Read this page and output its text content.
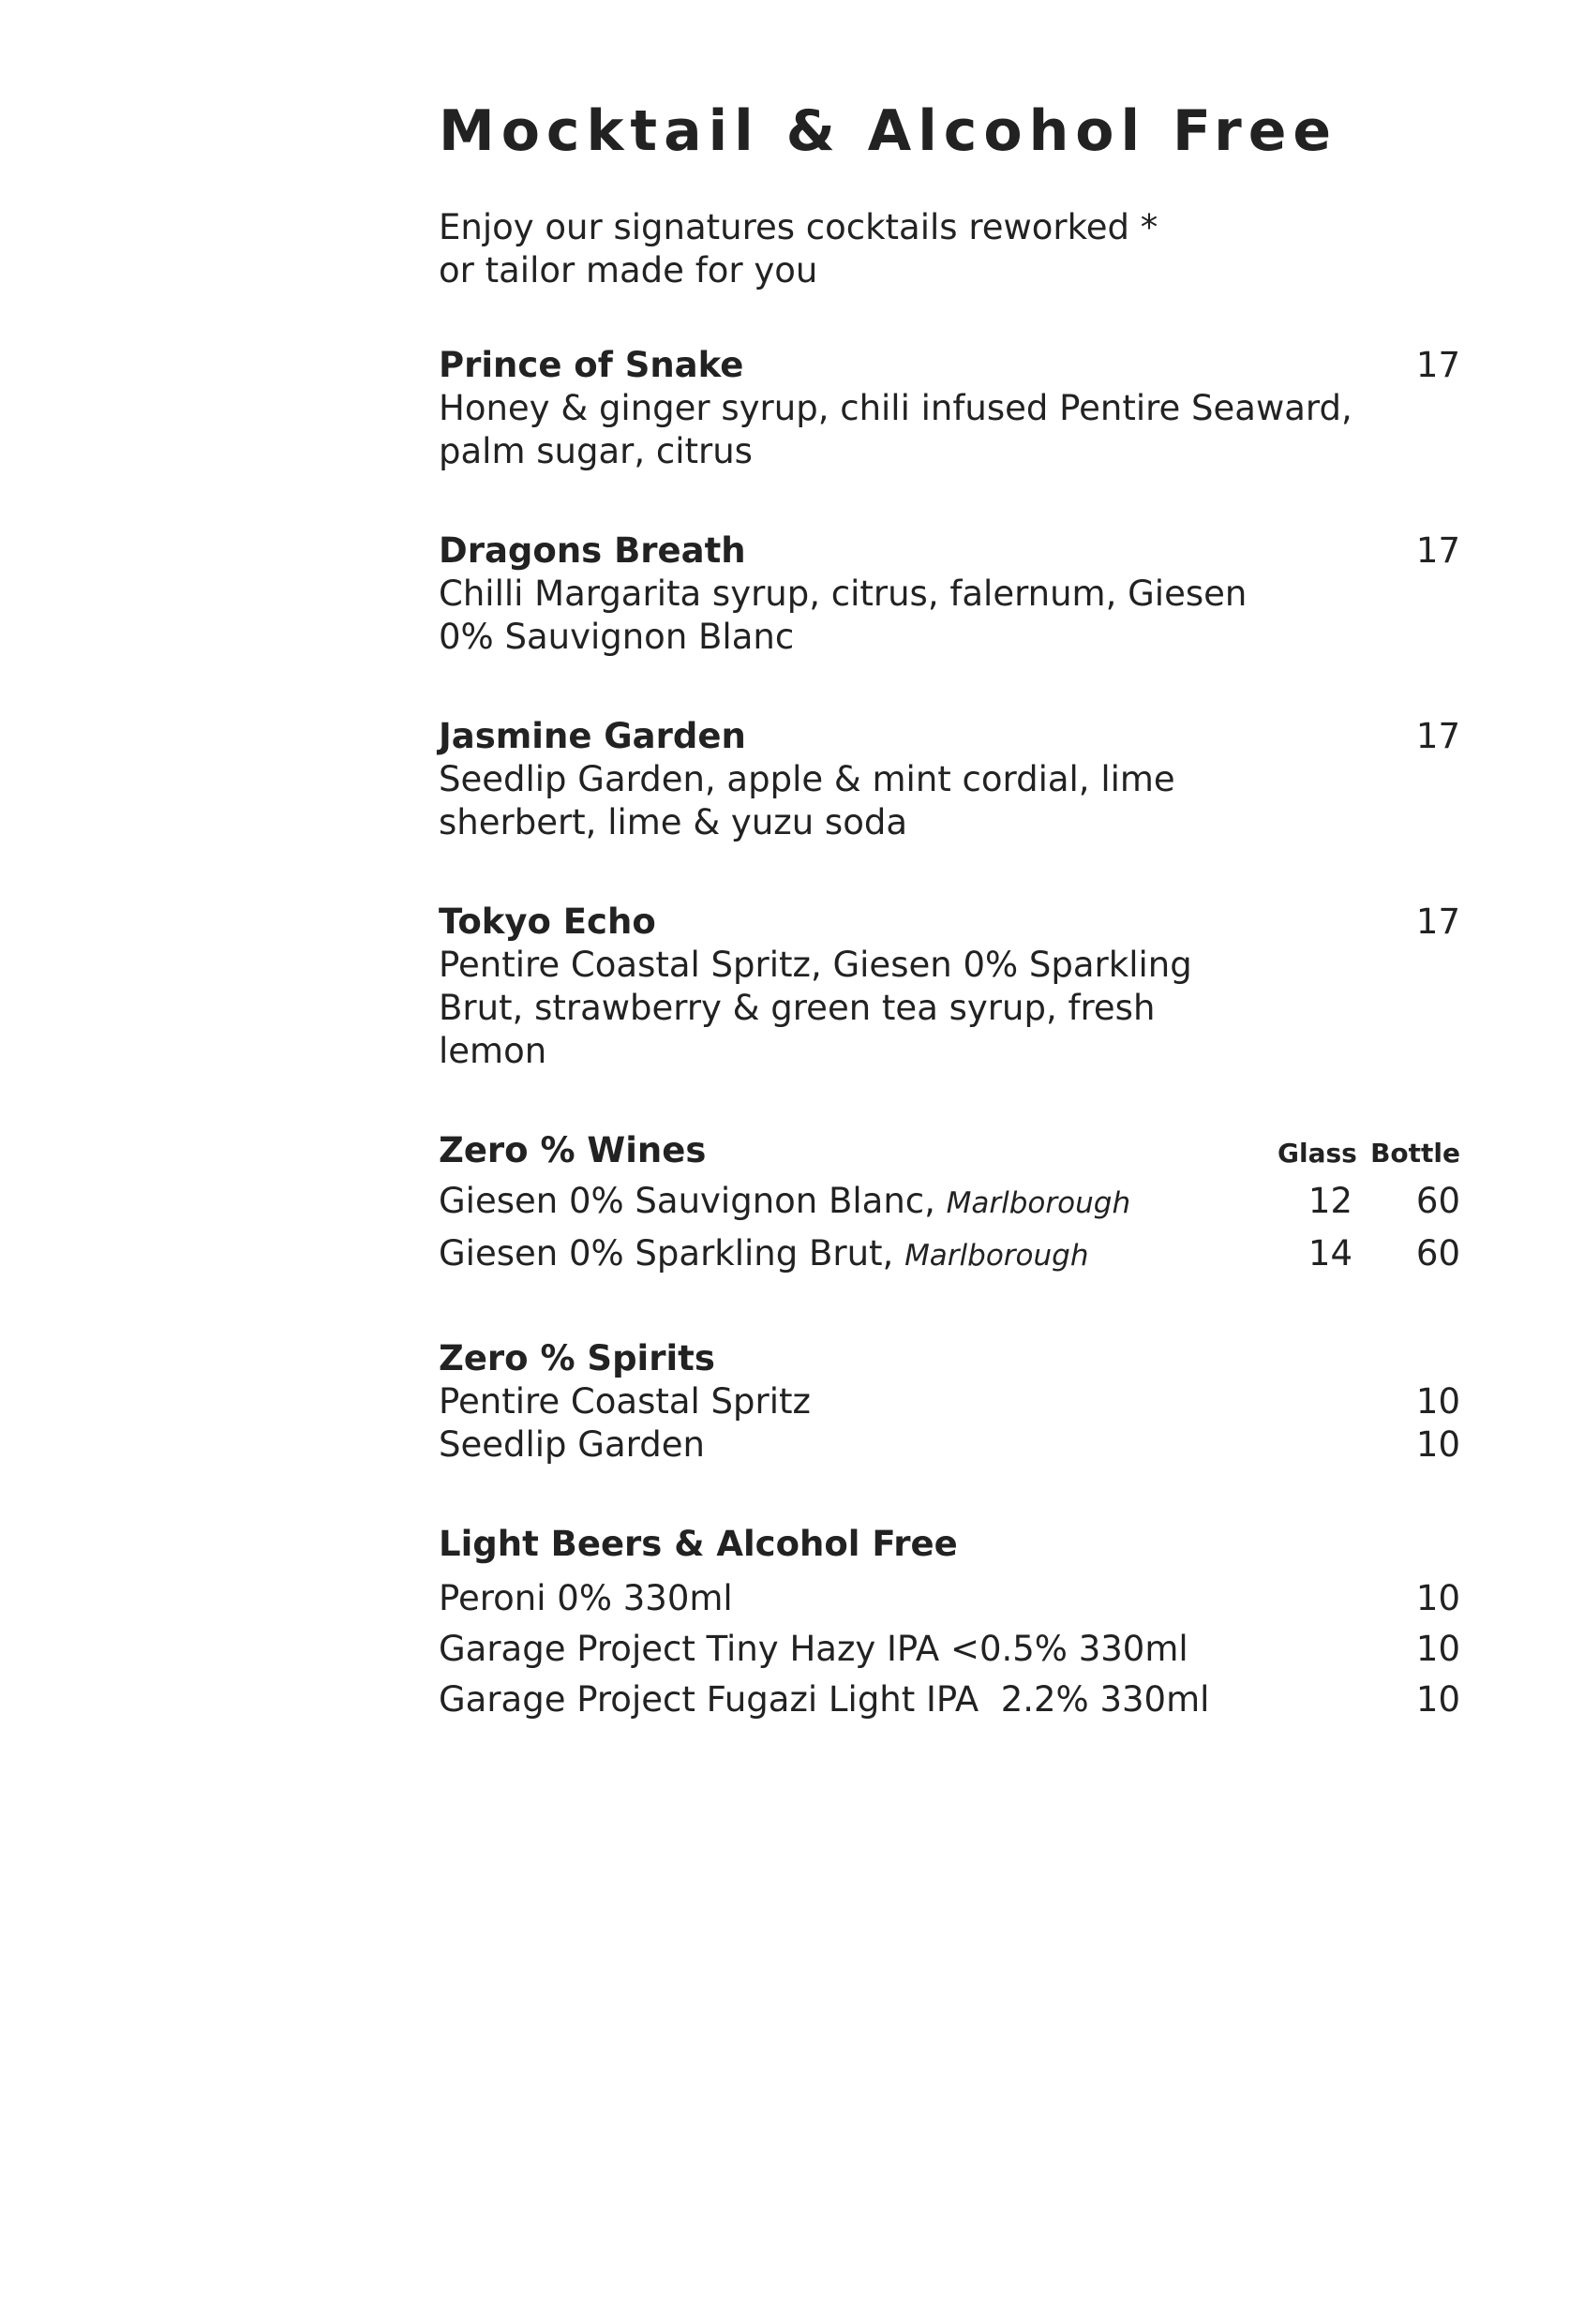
Mocktail & Alcohol Free
Enjoy our signatures cocktails reworked *
or tailor made for you
Prince of Snake	17
Honey & ginger syrup, chili infused Pentire Seaward, palm sugar, citrus
Dragons Breath	17
Chilli Margarita syrup, citrus, falernum, Giesen 0% Sauvignon Blanc
Jasmine Garden	17
Seedlip Garden, apple & mint cordial, lime sherbert, lime & yuzu soda
Tokyo Echo	17
Pentire Coastal Spritz, Giesen 0% Sparkling Brut, strawberry & green tea syrup, fresh lemon
Zero % Wines	Glass Bottle
Giesen 0% Sauvignon Blanc, Marlborough	12	60
Giesen 0% Sparkling Brut, Marlborough	14	60
Zero % Spirits
Pentire Coastal Spritz	10
Seedlip Garden	10
Light Beers & Alcohol Free
Peroni 0% 330ml	10
Garage Project Tiny Hazy IPA <0.5% 330ml	10
Garage Project Fugazi Light IPA  2.2% 330ml	10
